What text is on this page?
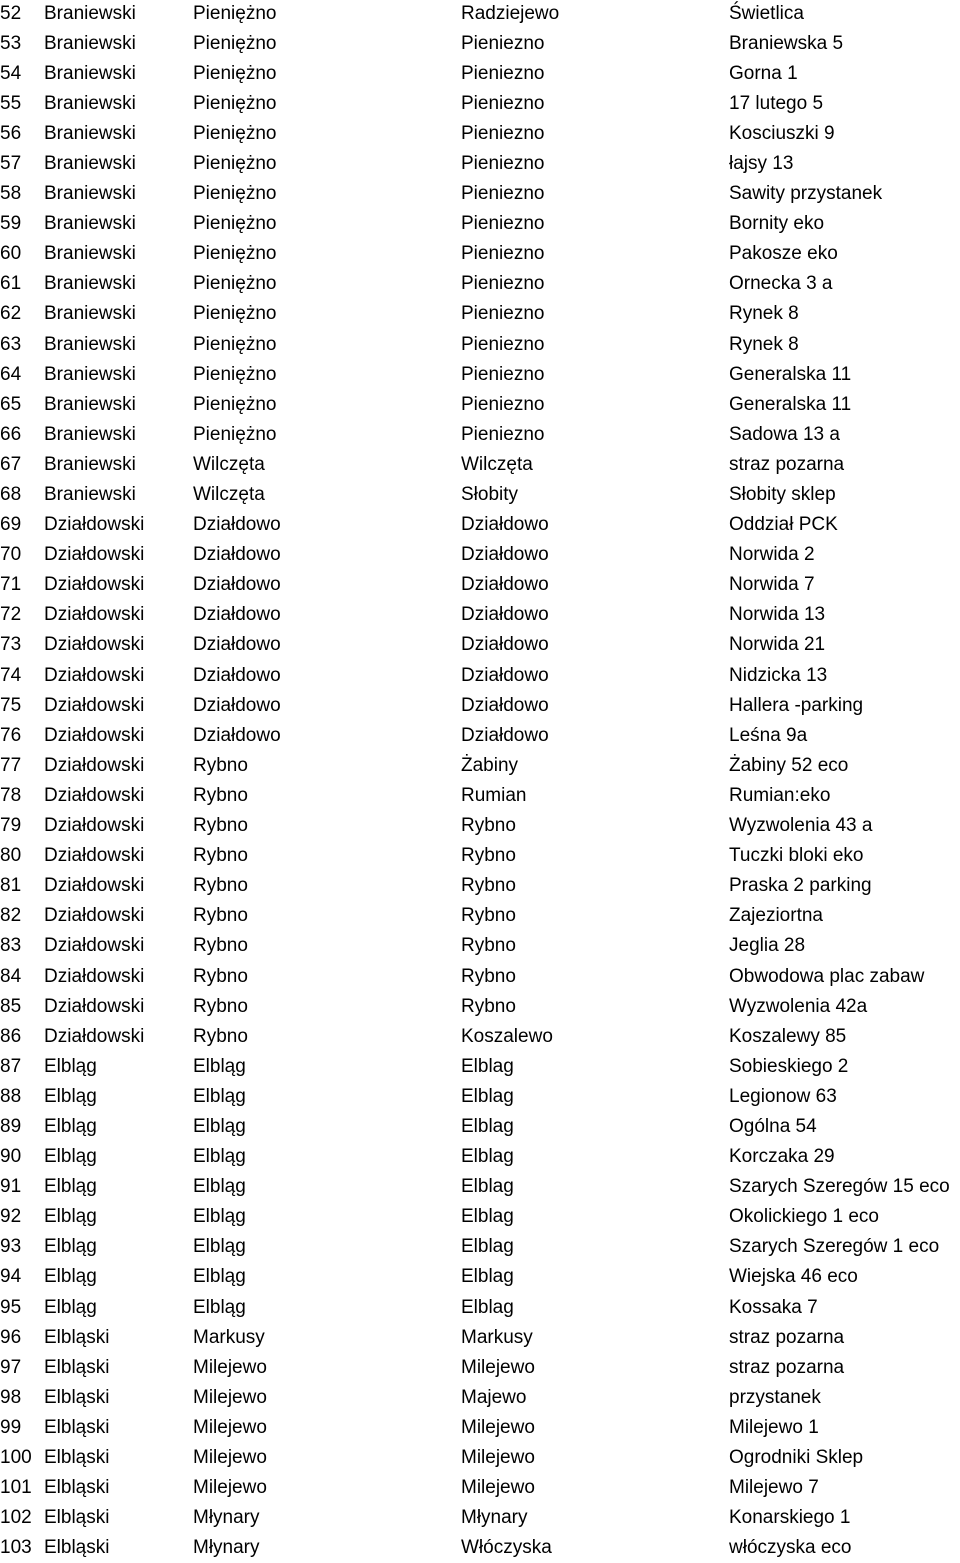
52	Braniewski	Pieniężno	Radziejewo	Świetlica
53	Braniewski	Pieniężno	Pieniezno	Braniewska 5
54	Braniewski	Pieniężno	Pieniezno	Gorna 1
55	Braniewski	Pieniężno	Pieniezno	17 lutego 5
56	Braniewski	Pieniężno	Pieniezno	Kosciuszki 9
57	Braniewski	Pieniężno	Pieniezno	łajsy 13
58	Braniewski	Pieniężno	Pieniezno	Sawity przystanek
59	Braniewski	Pieniężno	Pieniezno	Bornity eko
60	Braniewski	Pieniężno	Pieniezno	Pakosze eko
61	Braniewski	Pieniężno	Pieniezno	Ornecka 3 a
62	Braniewski	Pieniężno	Pieniezno	Rynek 8
63	Braniewski	Pieniężno	Pieniezno	Rynek 8
64	Braniewski	Pieniężno	Pieniezno	Generalska 11
65	Braniewski	Pieniężno	Pieniezno	Generalska 11
66	Braniewski	Pieniężno	Pieniezno	Sadowa 13 a
67	Braniewski	Wilczęta	Wilczęta	straz pozarna
68	Braniewski	Wilczęta	Słobity	Słobity sklep
69	Działdowski	Działdowo	Działdowo	Oddział PCK
70	Działdowski	Działdowo	Działdowo	Norwida 2
71	Działdowski	Działdowo	Działdowo	Norwida 7
72	Działdowski	Działdowo	Działdowo	Norwida 13
73	Działdowski	Działdowo	Działdowo	Norwida 21
74	Działdowski	Działdowo	Działdowo	Nidzicka 13
75	Działdowski	Działdowo	Działdowo	Hallera -parking
76	Działdowski	Działdowo	Działdowo	Leśna 9a
77	Działdowski	Rybno	Żabiny	Żabiny 52 eco
78	Działdowski	Rybno	Rumian	Rumian:eko
79	Działdowski	Rybno	Rybno	Wyzwolenia 43 a
80	Działdowski	Rybno	Rybno	Tuczki bloki eko
81	Działdowski	Rybno	Rybno	Praska 2 parking
82	Działdowski	Rybno	Rybno	Zajeziortna
83	Działdowski	Rybno	Rybno	Jeglia 28
84	Działdowski	Rybno	Rybno	Obwodowa plac zabaw
85	Działdowski	Rybno	Rybno	Wyzwolenia 42a
86	Działdowski	Rybno	Koszalewo	Koszalewy 85
87	Elbląg	Elbląg	Elblag	Sobieskiego 2
88	Elbląg	Elbląg	Elblag	Legionow 63
89	Elbląg	Elbląg	Elblag	Ogólna 54
90	Elbląg	Elbląg	Elblag	Korczaka 29
91	Elbląg	Elbląg	Elblag	Szarych Szeregów 15 eco
92	Elbląg	Elbląg	Elblag	Okolickiego 1 eco
93	Elbląg	Elbląg	Elblag	Szarych Szeregów 1 eco
94	Elbląg	Elbląg	Elblag	Wiejska 46 eco
95	Elbląg	Elbląg	Elblag	Kossaka 7
96	Elbląski	Markusy	Markusy	straz pozarna
97	Elbląski	Milejewo	Milejewo	straz pozarna
98	Elbląski	Milejewo	Majewo	przystanek
99	Elbląski	Milejewo	Milejewo	Milejewo 1
100	Elbląski	Milejewo	Milejewo	Ogrodniki Sklep
101	Elbląski	Milejewo	Milejewo	Milejewo 7
102	Elbląski	Młynary	Młynary	Konarskiego 1
103	Elbląski	Młynary	Włóczyska	włóczyska eco
